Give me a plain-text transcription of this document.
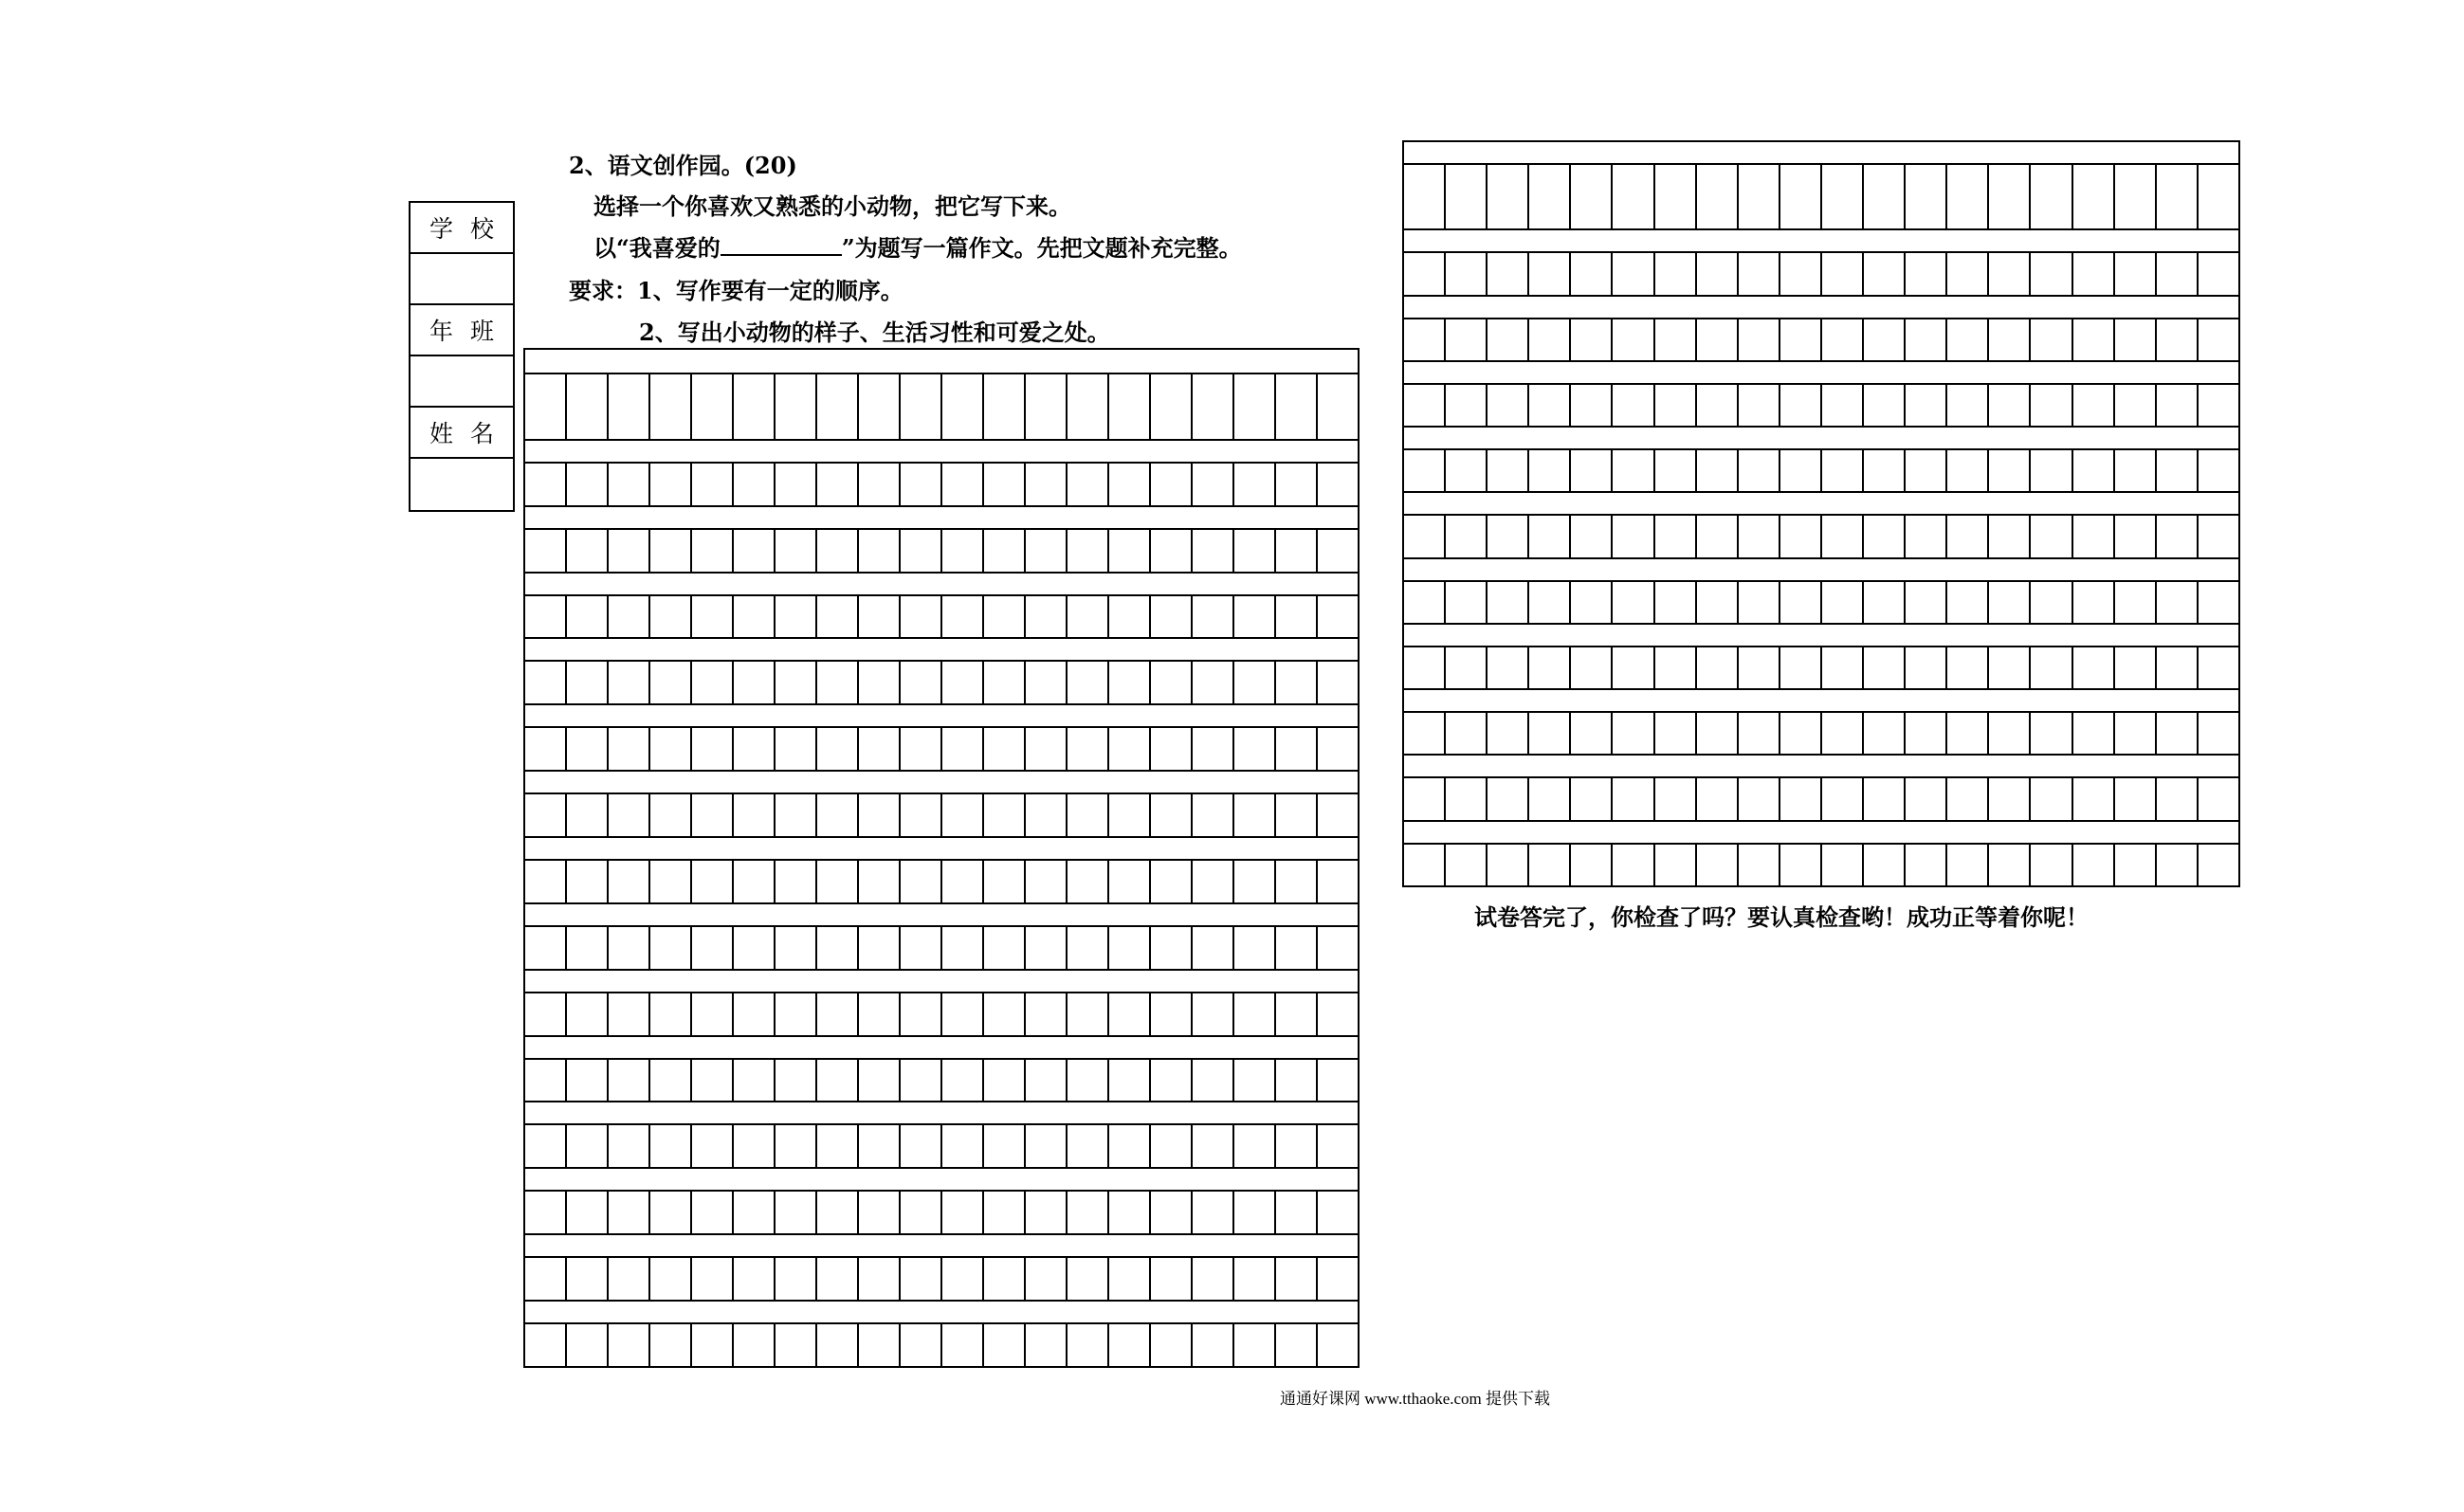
学校
年班
姓名
2、语文创作园。(20)
选择一个你喜欢又熟悉的小动物，把它写下来。
以“我喜爱的	”为题写一篇作文。先把文题补充完整。
要求：1、写作要有一定的顺序。
2、写出小动物的样子、生活习性和可爱之处。
试卷答完了，你检查了吗？要认真检查哟！成功正等着你呢！
通通好课网 www.tthaoke.com 提供下载
